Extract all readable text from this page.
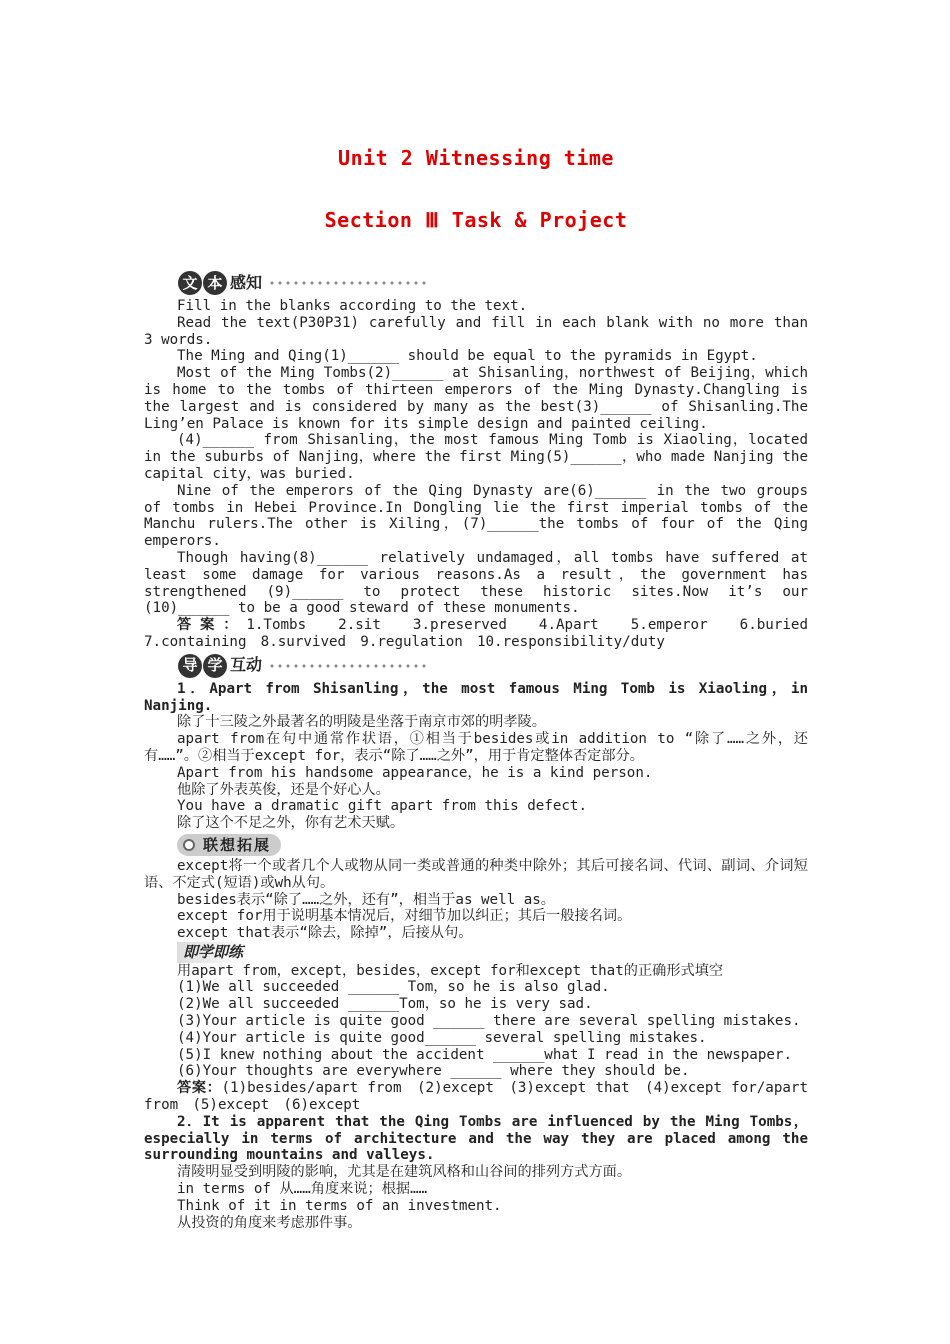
Unit 2 Witnessing time
Section Ⅲ Task & Project
文 本 感知

Fill in the blanks according to the text.

Read the text(P30P31) carefully and fill in each blank with no more than 3 words.

The Ming and Qing(1)______ should be equal to the pyramids in Egypt.

Most of the Ming Tombs(2)______ at Shisanling，northwest of Beijing，which is home to the tombs of thirteen emperors of the Ming Dynasty.Changling is the largest and is considered by many as the best(3)______ of Shisanling.The Ling’en Palace is known for its simple design and painted ceiling.

(4)______ from Shisanling，the most famous Ming Tomb is Xiaoling，located in the suburbs of Nanjing，where the first Ming(5)______，who made Nanjing the capital city，was buried.

Nine of the emperors of the Qing Dynasty are(6)______ in the two groups of tombs in Hebei Province.In Dongling lie the first imperial tombs of the Manchu rulers.The other is Xiling，(7)______the tombs of four of the Qing emperors.

Though having(8)______ relatively undamaged，all tombs have suffered at least some damage for various reasons.As a result，the government has strengthened (9)______ to protect these historic sites.Now it’s our (10)______ to be a good steward of these monuments.

答案：1.Tombs　2.sit　3.preserved　4.Apart　5.emperor　6.buried　7.containing　8.survived　9.regulation　10.responsibility/duty

导 学 互动

1．Apart from Shisanling，the most famous Ming Tomb is Xiaoling，in Nanjing.

除了十三陵之外最著名的明陵是坐落于南京市郊的明孝陵。

apart from在句中通常作状语，①相当于besides或in addition to “除了……之外，还有……”。②相当于except for，表示“除了……之外”，用于肯定整体否定部分。

Apart from his handsome appearance，he is a kind person.

他除了外表英俊，还是个好心人。

You have a dramatic gift apart from this defect.

除了这个不足之外，你有艺术天赋。

联想拓展

except将一个或者几个人或物从同一类或普通的种类中除外；其后可接名词、代词、副词、介词短语、不定式(短语)或wh从句。

besides表示“除了……之外，还有”，相当于as well as。

except for用于说明基本情况后，对细节加以纠正；其后一般接名词。

except that表示“除去，除掉”，后接从句。

即学即练

用apart from，except，besides，except for和except that的正确形式填空

(1)We all succeeded ______ Tom，so he is also glad.

(2)We all succeeded ______Tom，so he is very sad.

(3)Your article is quite good ______ there are several spelling mistakes.

(4)Your article is quite good______ several spelling mistakes.

(5)I knew nothing about the accident ______what I read in the newspaper.

(6)Your thoughts are everywhere ______ where they should be.

答案：(1)besides/apart from　(2)except　(3)except that　(4)except for/apart from　(5)except　(6)except

2．It is apparent that the Qing Tombs are influenced by the Ming Tombs，especially in terms of architecture and the way they are placed among the surrounding mountains and valleys.

清陵明显受到明陵的影响，尤其是在建筑风格和山谷间的排列方式方面。

in terms of 从……角度来说；根据……

Think of it in terms of an investment.

从投资的角度来考虑那件事。
